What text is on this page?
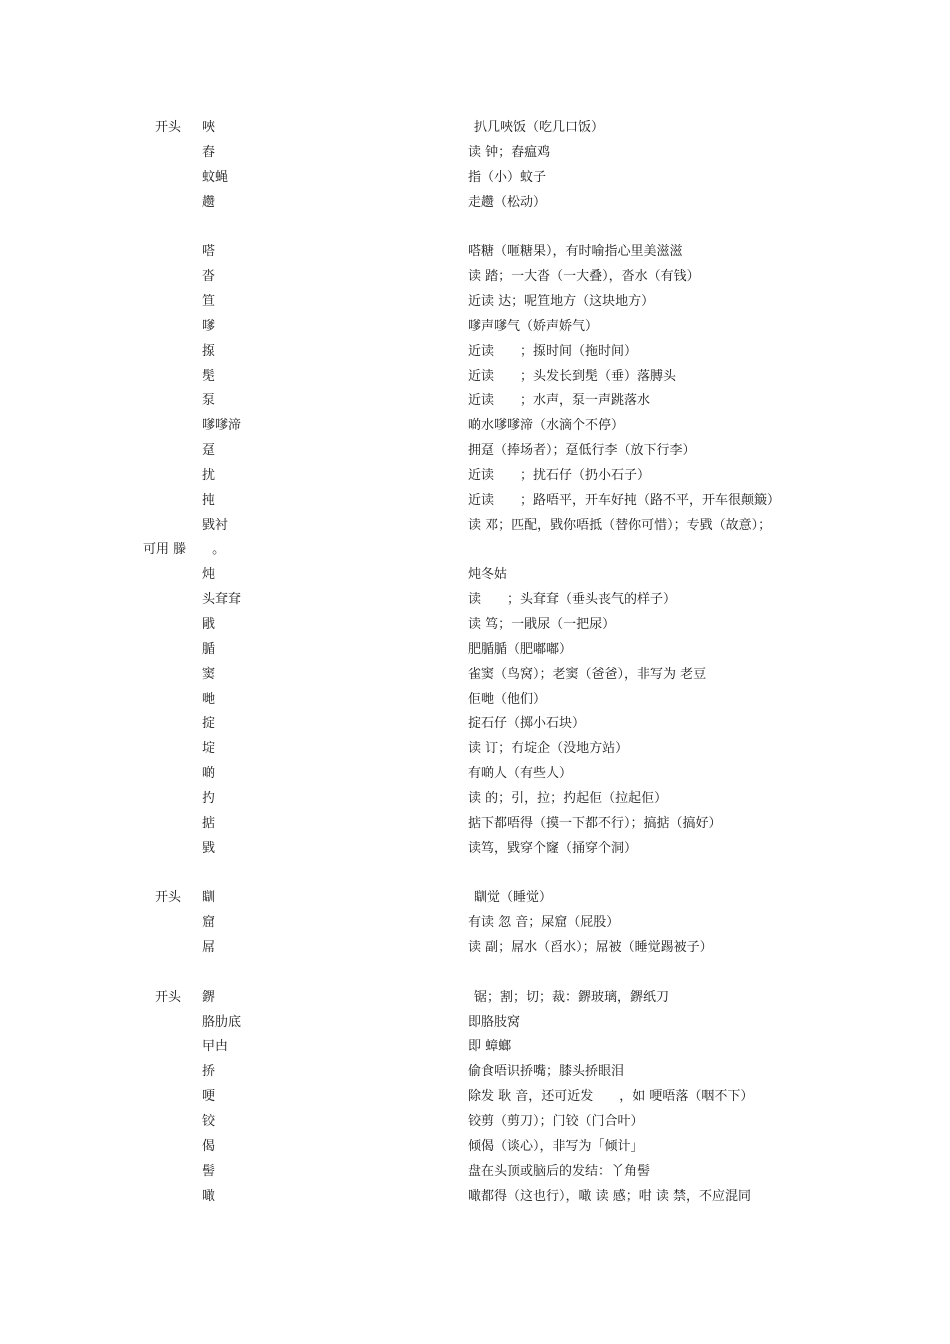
开头 唊	扒几唊饭（吃几口饭）
舂	读 钟；舂瘟鸡
蚊蝇	指（小）蚊子
趱	走趱（松动）
嗒	嗒糖（咂糖果），有时喻指心里美滋滋
沓	读 踏；一大沓（一大叠），沓水（有钱）
笪	近读 达；呢笪地方（这块地方）
嗲	嗲声嗲气（娇声娇气）
揼	近读　　；揼时间（拖时间）
髧	近读　　；头发长到髧（垂）落膊头
泵	近读　　；水声，泵一声跳落水
嗲嗲渧	啲水嗲嗲渧（水滴个不停）
趸	拥趸（捧场者）；趸低行李（放下行李）
扰	近读　　；扰石仔（扔小石子）
扽	近读　　；路唔平，开车好扽（路不平，开车很颠簸）
戥衬	读 邓；匹配，戥你唔抵（替你可惜）；专戥（故意）；
可用 滕　　。
炖	炖冬姑
头耷耷	读　　；头耷耷（垂头丧气的样子）
戙	读 笃；一戙尿（一把尿）
腯	肥腯腯（肥嘟嘟）
窦	雀窦（鸟窝）；老窦（爸爸），非写为 老豆
哋	佢哋（他们）
掟	掟石仔（掷小石块）
埞	读 订；冇埞企（没地方站）
啲	有啲人（有些人）
扚	读 的；引，拉；扚起佢（拉起佢）
掂	掂下都唔得（摸一下都不行）；搞掂（搞好）
戥	读笃，戥穿个窿（捅穿个洞）
开头 瞓	瞓觉（睡觉）
窟	有读 忽 音；屎窟（屁股）
屌	读 副；屌水（舀水）；屌被（睡觉踢被子）
开头 鎅	锯；割；切；裁：鎅玻璃，鎅纸刀
胳肋底	即胳肢窝
曱甴	即 蟑螂
挢	偷食唔识挢嘴；膝头挢眼泪
哽	除发 耿 音，还可近发　　，如 哽唔落（咽不下）
铰	铰剪（剪刀）；门铰（门合叶）
偈	倾偈（谈心），非写为「倾计」
髻	盘在头顶或脑后的发结：丫角髻
噉	噉都得（这也行），噉 读 感；咁 读 禁，不应混同
